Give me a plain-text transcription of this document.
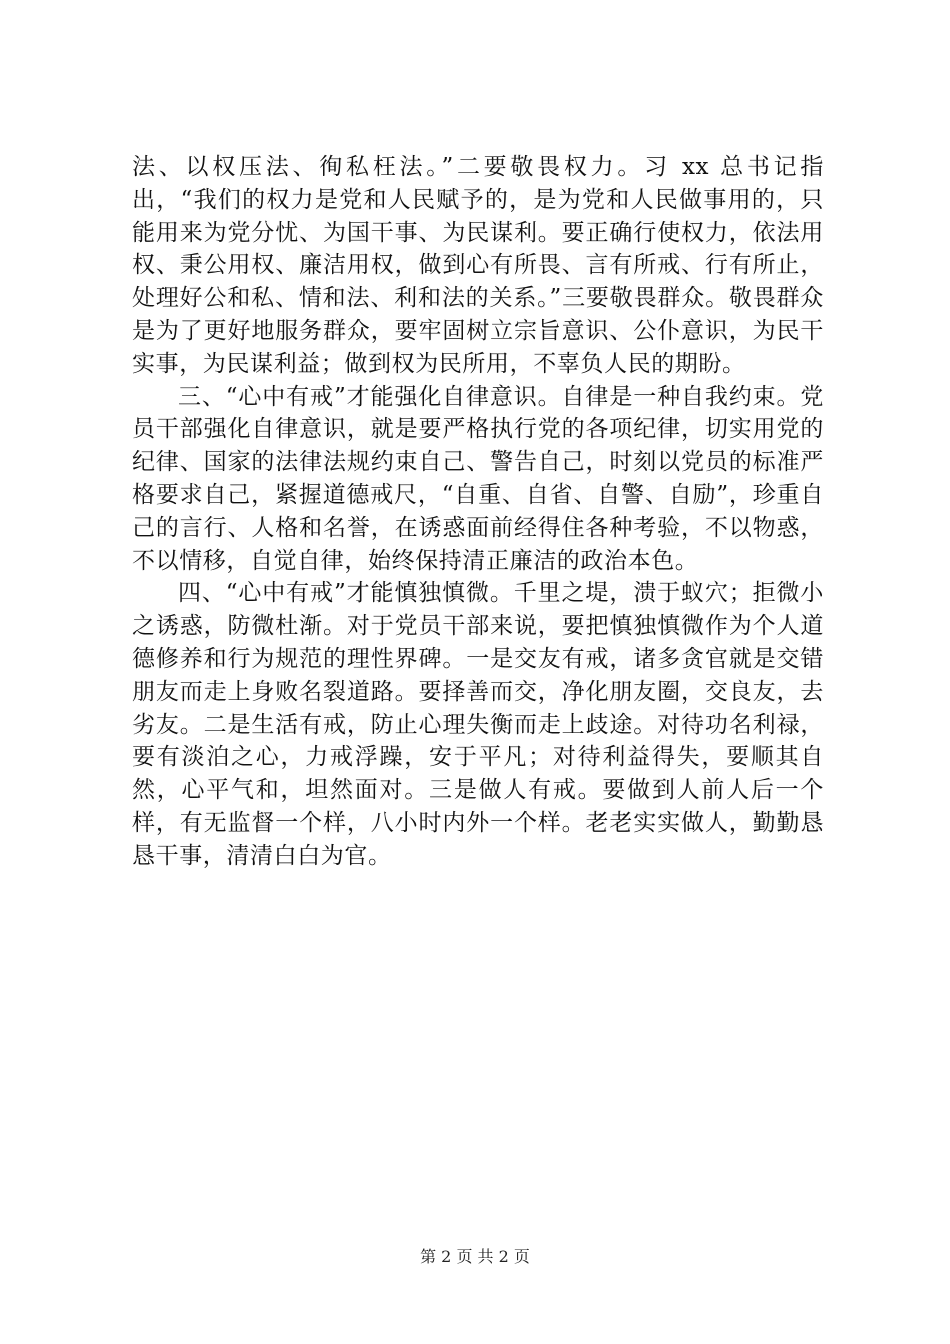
法、以权压法、徇私枉法。”二要敬畏权力。习 xx 总书记指出，“我们的权力是党和人民赋予的，是为党和人民做事用的，只能用来为党分忧、为国干事、为民谋利。要正确行使权力，依法用权、秉公用权、廉洁用权，做到心有所畏、言有所戒、行有所止，处理好公和私、情和法、利和法的关系。”三要敬畏群众。敬畏群众是为了更好地服务群众，要牢固树立宗旨意识、公仆意识，为民干实事，为民谋利益；做到权为民所用，不辜负人民的期盼。

三、“心中有戒”才能强化自律意识。自律是一种自我约束。党员干部强化自律意识，就是要严格执行党的各项纪律，切实用党的纪律、国家的法律法规约束自己、警告自己，时刻以党员的标准严格要求自己，紧握道德戒尺，“自重、自省、自警、自励”，珍重自己的言行、人格和名誉，在诱惑面前经得住各种考验，不以物惑，不以情移，自觉自律，始终保持清正廉洁的政治本色。

四、“心中有戒”才能慎独慎微。千里之堤，溃于蚁穴；拒微小之诱惑，防微杜渐。对于党员干部来说，要把慎独慎微作为个人道德修养和行为规范的理性界碑。一是交友有戒，诸多贪官就是交错朋友而走上身败名裂道路。要择善而交，净化朋友圈，交良友，去劣友。二是生活有戒，防止心理失衡而走上歧途。对待功名利禄，要有淡泊之心，力戒浮躁，安于平凡；对待利益得失，要顺其自然，心平气和，坦然面对。三是做人有戒。要做到人前人后一个样，有无监督一个样，八小时内外一个样。老老实实做人，勤勤恳恳干事，清清白白为官。

第 2 页 共 2 页
